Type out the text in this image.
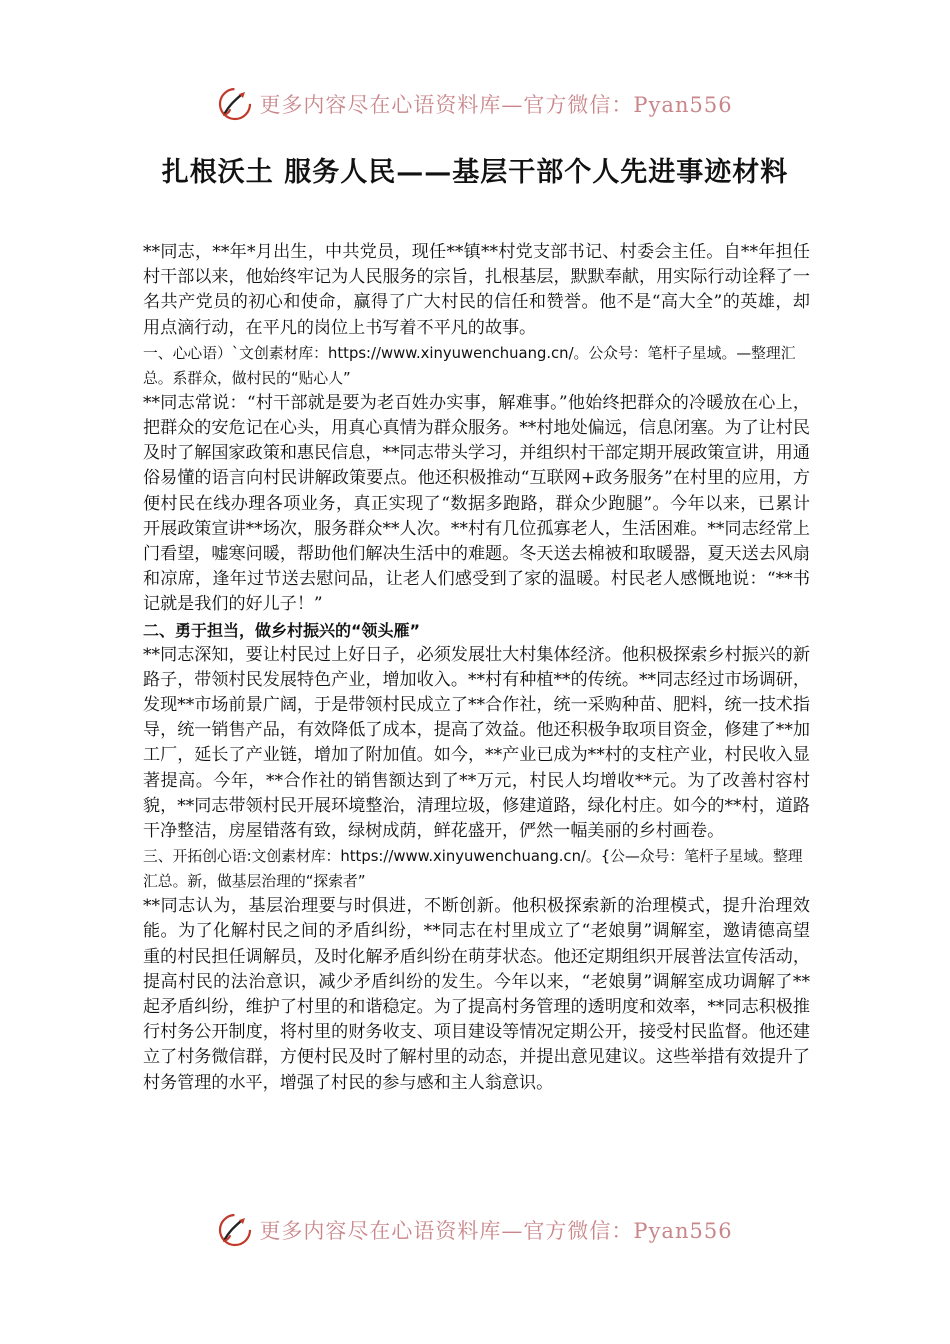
更多内容尽在心语资料库—官方微信：Pyan556
扎根沃土 服务人民——基层干部个人先进事迹材料

**同志，**年*月出生，中共党员，现任**镇**村党支部书记、村委会主任。自**年担任村干部以来，他始终牢记为人民服务的宗旨，扎根基层，默默奉献，用实际行动诠释了一名共产党员的初心和使命，赢得了广大村民的信任和赞誉。他不是“高大全”的英雄，却用点滴行动，在平凡的岗位上书写着不平凡的故事。

一、心心语）`文创素材库：https://www.xinyuwenchuang.cn/。公众号：笔杆子星域。—整理汇总。系群众，做村民的“贴心人”

**同志常说：“村干部就是要为老百姓办实事，解难事。”他始终把群众的冷暖放在心上，把群众的安危记在心头，用真心真情为群众服务。**村地处偏远，信息闭塞。为了让村民及时了解国家政策和惠民信息，**同志带头学习，并组织村干部定期开展政策宣讲，用通俗易懂的语言向村民讲解政策要点。他还积极推动“互联网+政务服务”在村里的应用，方便村民在线办理各项业务，真正实现了“数据多跑路，群众少跑腿”。今年以来，已累计开展政策宣讲**场次，服务群众**人次。**村有几位孤寡老人，生活困难。**同志经常上门看望，嘘寒问暖，帮助他们解决生活中的难题。冬天送去棉被和取暖器，夏天送去风扇和凉席，逢年过节送去慰问品，让老人们感受到了家的温暖。村民老人感慨地说：“**书记就是我们的好儿子！”

二、勇于担当，做乡村振兴的“领头雁”

**同志深知，要让村民过上好日子，必须发展壮大村集体经济。他积极探索乡村振兴的新路子，带领村民发展特色产业，增加收入。**村有种植**的传统。**同志经过市场调研，发现**市场前景广阔，于是带领村民成立了**合作社，统一采购种苗、肥料，统一技术指导，统一销售产品，有效降低了成本，提高了效益。他还积极争取项目资金，修建了**加工厂，延长了产业链，增加了附加值。如今，**产业已成为**村的支柱产业，村民收入显著提高。今年，**合作社的销售额达到了**万元，村民人均增收**元。为了改善村容村貌，**同志带领村民开展环境整治，清理垃圾，修建道路，绿化村庄。如今的**村，道路干净整洁，房屋错落有致，绿树成荫，鲜花盛开，俨然一幅美丽的乡村画卷。

三、开拓创心语:文创素材库：https://www.xinyuwenchuang.cn/。{公—众号：笔杆子星域。整理汇总。新，做基层治理的“探索者”

**同志认为，基层治理要与时俱进，不断创新。他积极探索新的治理模式，提升治理效能。为了化解村民之间的矛盾纠纷，**同志在村里成立了“老娘舅”调解室，邀请德高望重的村民担任调解员，及时化解矛盾纠纷在萌芽状态。他还定期组织开展普法宣传活动，提高村民的法治意识，减少矛盾纠纷的发生。今年以来，“老娘舅”调解室成功调解了**起矛盾纠纷，维护了村里的和谐稳定。为了提高村务管理的透明度和效率，**同志积极推行村务公开制度，将村里的财务收支、项目建设等情况定期公开，接受村民监督。他还建立了村务微信群，方便村民及时了解村里的动态，并提出意见建议。这些举措有效提升了村务管理的水平，增强了村民的参与感和主人翁意识。

更多内容尽在心语资料库—官方微信：Pyan556
